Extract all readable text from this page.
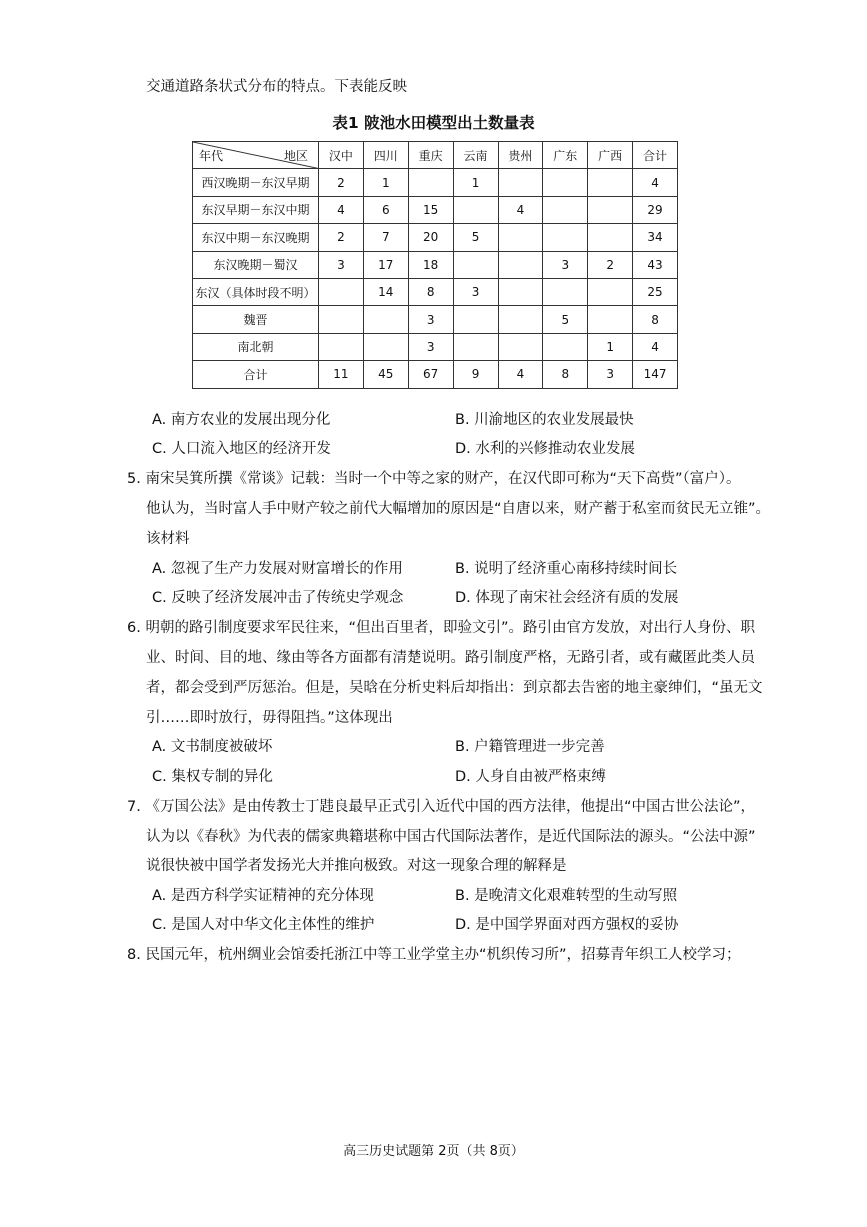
交通道路条状式分布的特点。下表能反映
表1 陂池水田模型出土数量表
年代 地区	汉中	四川	重庆	云南	贵州	广东	广西	合计
西汉晚期－东汉早期	2	1		1				4
东汉早期－东汉中期	4	6	15		4			29
东汉中期－东汉晚期	2	7	20	5				34
东汉晚期－蜀汉	3	17	18			3	2	43
东汉（具体时段不明）		14	8	3				25
魏晋			3			5		8
南北朝			3				1	4
合计	11	45	67	9	4	8	3	147
A. 南方农业的发展出现分化	B. 川渝地区的农业发展最快
C. 人口流入地区的经济开发	D. 水利的兴修推动农业发展
5. 南宋吴箕所撰《常谈》记载：当时一个中等之家的财产，在汉代即可称为“天下高赀”（富户）。
他认为，当时富人手中财产较之前代大幅增加的原因是“自唐以来，财产蓄于私室而贫民无立锥”。
该材料
A. 忽视了生产力发展对财富增长的作用	B. 说明了经济重心南移持续时间长
C. 反映了经济发展冲击了传统史学观念	D. 体现了南宋社会经济有质的发展
6. 明朝的路引制度要求军民往来，“但出百里者，即验文引”。路引由官方发放，对出行人身份、职
业、时间、目的地、缘由等各方面都有清楚说明。路引制度严格，无路引者，或有藏匿此类人员
者，都会受到严厉惩治。但是，吴晗在分析史料后却指出：到京都去告密的地主豪绅们，“虽无文
引……即时放行，毋得阻挡。”这体现出
A. 文书制度被破坏	B. 户籍管理进一步完善
C. 集权专制的异化	D. 人身自由被严格束缚
7. 《万国公法》是由传教士丁韪良最早正式引入近代中国的西方法律，他提出“中国古世公法论”，
认为以《春秋》为代表的儒家典籍堪称中国古代国际法著作，是近代国际法的源头。“公法中源”
说很快被中国学者发扬光大并推向极致。对这一现象合理的解释是
A. 是西方科学实证精神的充分体现	B. 是晚清文化艰难转型的生动写照
C. 是国人对中华文化主体性的维护	D. 是中国学界面对西方强权的妥协
8. 民国元年，杭州绸业会馆委托浙江中等工业学堂主办“机织传习所”，招募青年织工人校学习；
高三历史试题第 2页（共 8页）
